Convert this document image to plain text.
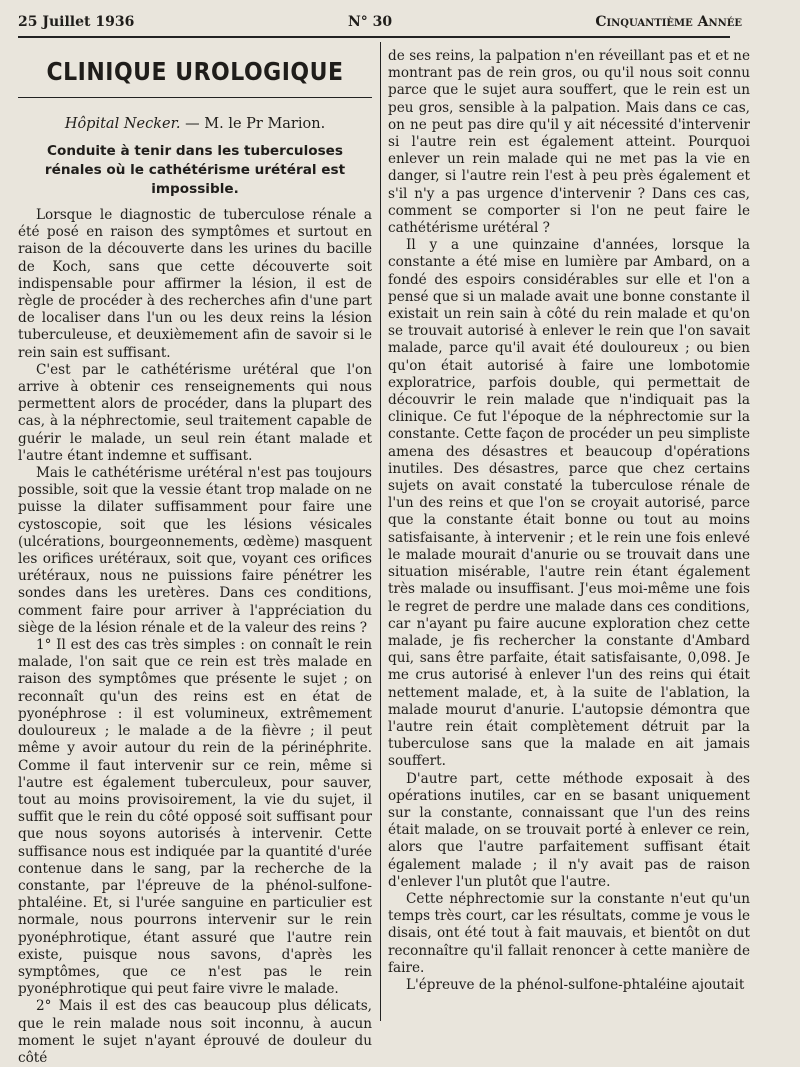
25 Juillet 1936	N° 30	Cinquantième Année
CLINIQUE UROLOGIQUE
Hôpital Necker. — M. le Pr Marion.
Conduite à tenir dans les tuberculoses rénales où le cathétérisme urétéral est impossible.

Lorsque le diagnostic de tuberculose rénale a été posé en raison des symptômes et surtout en raison de la découverte dans les urines du bacille de Koch, sans que cette découverte soit indispensable pour affirmer la lésion, il est de règle de procéder à des recherches afin d'une part de localiser dans l'un ou les deux reins la lésion tuberculeuse, et deuxièmement afin de savoir si le rein sain est suffisant.

C'est par le cathétérisme urétéral que l'on arrive à obtenir ces renseignements qui nous permettent alors de procéder, dans la plupart des cas, à la néphrectomie, seul traitement capable de guérir le malade, un seul rein étant malade et l'autre étant indemne et suffisant.

Mais le cathétérisme urétéral n'est pas toujours possible, soit que la vessie étant trop malade on ne puisse la dilater suffisamment pour faire une cystoscopie, soit que les lésions vésicales (ulcérations, bourgeonnements, œdème) masquent les orifices urétéraux, soit que, voyant ces orifices urétéraux, nous ne puissions faire pénétrer les sondes dans les uretères. Dans ces conditions, comment faire pour arriver à l'appréciation du siège de la lésion rénale et de la valeur des reins ?

1° Il est des cas très simples : on connaît le rein malade, l'on sait que ce rein est très malade en raison des symptômes que présente le sujet ; on reconnaît qu'un des reins est en état de pyonéphrose : il est volumineux, extrêmement douloureux ; le malade a de la fièvre ; il peut même y avoir autour du rein de la périnéphrite. Comme il faut intervenir sur ce rein, même si l'autre est également tuberculeux, pour sauver, tout au moins provisoirement, la vie du sujet, il suffit que le rein du côté opposé soit suffisant pour que nous soyons autorisés à intervenir. Cette suffisance nous est indiquée par la quantité d'urée contenue dans le sang, par la recherche de la constante, par l'épreuve de la phénol-sulfone-phtaléine. Et, si l'urée sanguine en particulier est normale, nous pourrons intervenir sur le rein pyonéphrotique, étant assuré que l'autre rein existe, puisque nous savons, d'après les symptômes, que ce n'est pas le rein pyonéphrotique qui peut faire vivre le malade.

2° Mais il est des cas beaucoup plus délicats, que le rein malade nous soit inconnu, à aucun moment le sujet n'ayant éprouvé de douleur du côté

de ses reins, la palpation n'en réveillant pas et et ne montrant pas de rein gros, ou qu'il nous soit connu parce que le sujet aura souffert, que le rein est un peu gros, sensible à la palpation. Mais dans ce cas, on ne peut pas dire qu'il y ait nécessité d'intervenir si l'autre rein est également atteint. Pourquoi enlever un rein malade qui ne met pas la vie en danger, si l'autre rein l'est à peu près également et s'il n'y a pas urgence d'intervenir ? Dans ces cas, comment se comporter si l'on ne peut faire le cathétérisme urétéral ?

Il y a une quinzaine d'années, lorsque la constante a été mise en lumière par Ambard, on a fondé des espoirs considérables sur elle et l'on a pensé que si un malade avait une bonne constante il existait un rein sain à côté du rein malade et qu'on se trouvait autorisé à enlever le rein que l'on savait malade, parce qu'il avait été douloureux ; ou bien qu'on était autorisé à faire une lombotomie exploratrice, parfois double, qui permettait de découvrir le rein malade que n'indiquait pas la clinique. Ce fut l'époque de la néphrectomie sur la constante. Cette façon de procéder un peu simpliste amena des désastres et beaucoup d'opérations inutiles. Des désastres, parce que chez certains sujets on avait constaté la tuberculose rénale de l'un des reins et que l'on se croyait autorisé, parce que la constante était bonne ou tout au moins satisfaisante, à intervenir ; et le rein une fois enlevé le malade mourait d'anurie ou se trouvait dans une situation misérable, l'autre rein étant également très malade ou insuffisant. J'eus moi-même une fois le regret de perdre une malade dans ces conditions, car n'ayant pu faire aucune exploration chez cette malade, je fis rechercher la constante d'Ambard qui, sans être parfaite, était satisfaisante, 0,098. Je me crus autorisé à enlever l'un des reins qui était nettement malade, et, à la suite de l'ablation, la malade mourut d'anurie. L'autopsie démontra que l'autre rein était complètement détruit par la tuberculose sans que la malade en ait jamais souffert.

D'autre part, cette méthode exposait à des opérations inutiles, car en se basant uniquement sur la constante, connaissant que l'un des reins était malade, on se trouvait porté à enlever ce rein, alors que l'autre parfaitement suffisant était également malade ; il n'y avait pas de raison d'enlever l'un plutôt que l'autre.

Cette néphrectomie sur la constante n'eut qu'un temps très court, car les résultats, comme je vous le disais, ont été tout à fait mauvais, et bientôt on dut reconnaître qu'il fallait renoncer à cette manière de faire.

L'épreuve de la phénol-sulfone-phtaléine ajoutait
